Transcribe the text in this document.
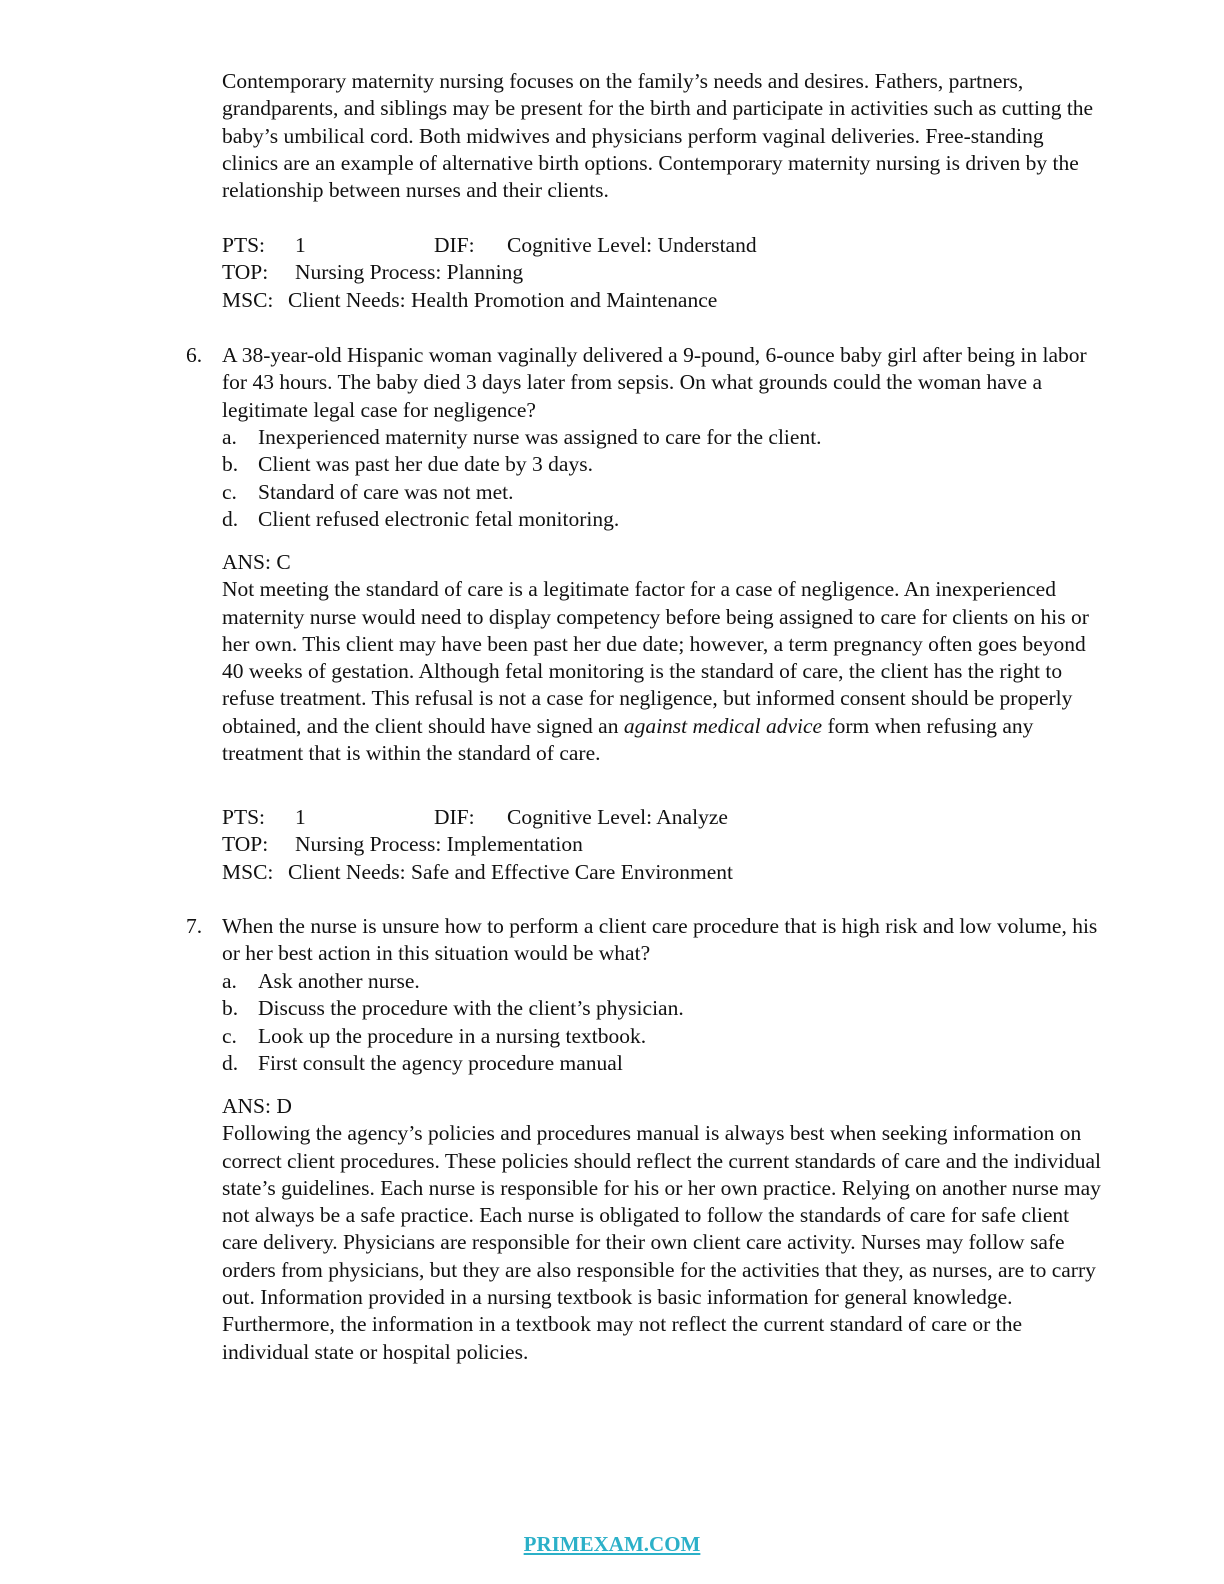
Contemporary maternity nursing focuses on the family’s needs and desires. Fathers, partners, grandparents, and siblings may be present for the birth and participate in activities such as cutting the baby’s umbilical cord. Both midwives and physicians perform vaginal deliveries. Free-standing clinics are an example of alternative birth options. Contemporary maternity nursing is driven by the relationship between nurses and their clients.

PTS: 1	DIF: Cognitive Level: Understand
TOP: Nursing Process: Planning
MSC: Client Needs: Health Promotion and Maintenance
6. A 38-year-old Hispanic woman vaginally delivered a 9-pound, 6-ounce baby girl after being in labor for 43 hours. The baby died 3 days later from sepsis. On what grounds could the woman have a legitimate legal case for negligence?
a. Inexperienced maternity nurse was assigned to care for the client.
b. Client was past her due date by 3 days.
c. Standard of care was not met.
d. Client refused electronic fetal monitoring.

ANS: C

Not meeting the standard of care is a legitimate factor for a case of negligence. An inexperienced maternity nurse would need to display competency before being assigned to care for clients on his or her own. This client may have been past her due date; however, a term pregnancy often goes beyond 40 weeks of gestation. Although fetal monitoring is the standard of care, the client has the right to refuse treatment. This refusal is not a case for negligence, but informed consent should be properly obtained, and the client should have signed an against medical advice form when refusing any treatment that is within the standard of care.

PTS: 1	DIF: Cognitive Level: Analyze
TOP: Nursing Process: Implementation
MSC: Client Needs: Safe and Effective Care Environment
7. When the nurse is unsure how to perform a client care procedure that is high risk and low volume, his or her best action in this situation would be what?
a. Ask another nurse.
b. Discuss the procedure with the client’s physician.
c. Look up the procedure in a nursing textbook.
d. First consult the agency procedure manual

ANS: D

Following the agency’s policies and procedures manual is always best when seeking information on correct client procedures. These policies should reflect the current standards of care and the individual state’s guidelines. Each nurse is responsible for his or her own practice. Relying on another nurse may not always be a safe practice. Each nurse is obligated to follow the standards of care for safe client care delivery. Physicians are responsible for their own client care activity. Nurses may follow safe orders from physicians, but they are also responsible for the activities that they, as nurses, are to carry out. Information provided in a nursing textbook is basic information for general knowledge. Furthermore, the information in a textbook may not reflect the current standard of care or the individual state or hospital policies.

PRIMEXAM.COM
